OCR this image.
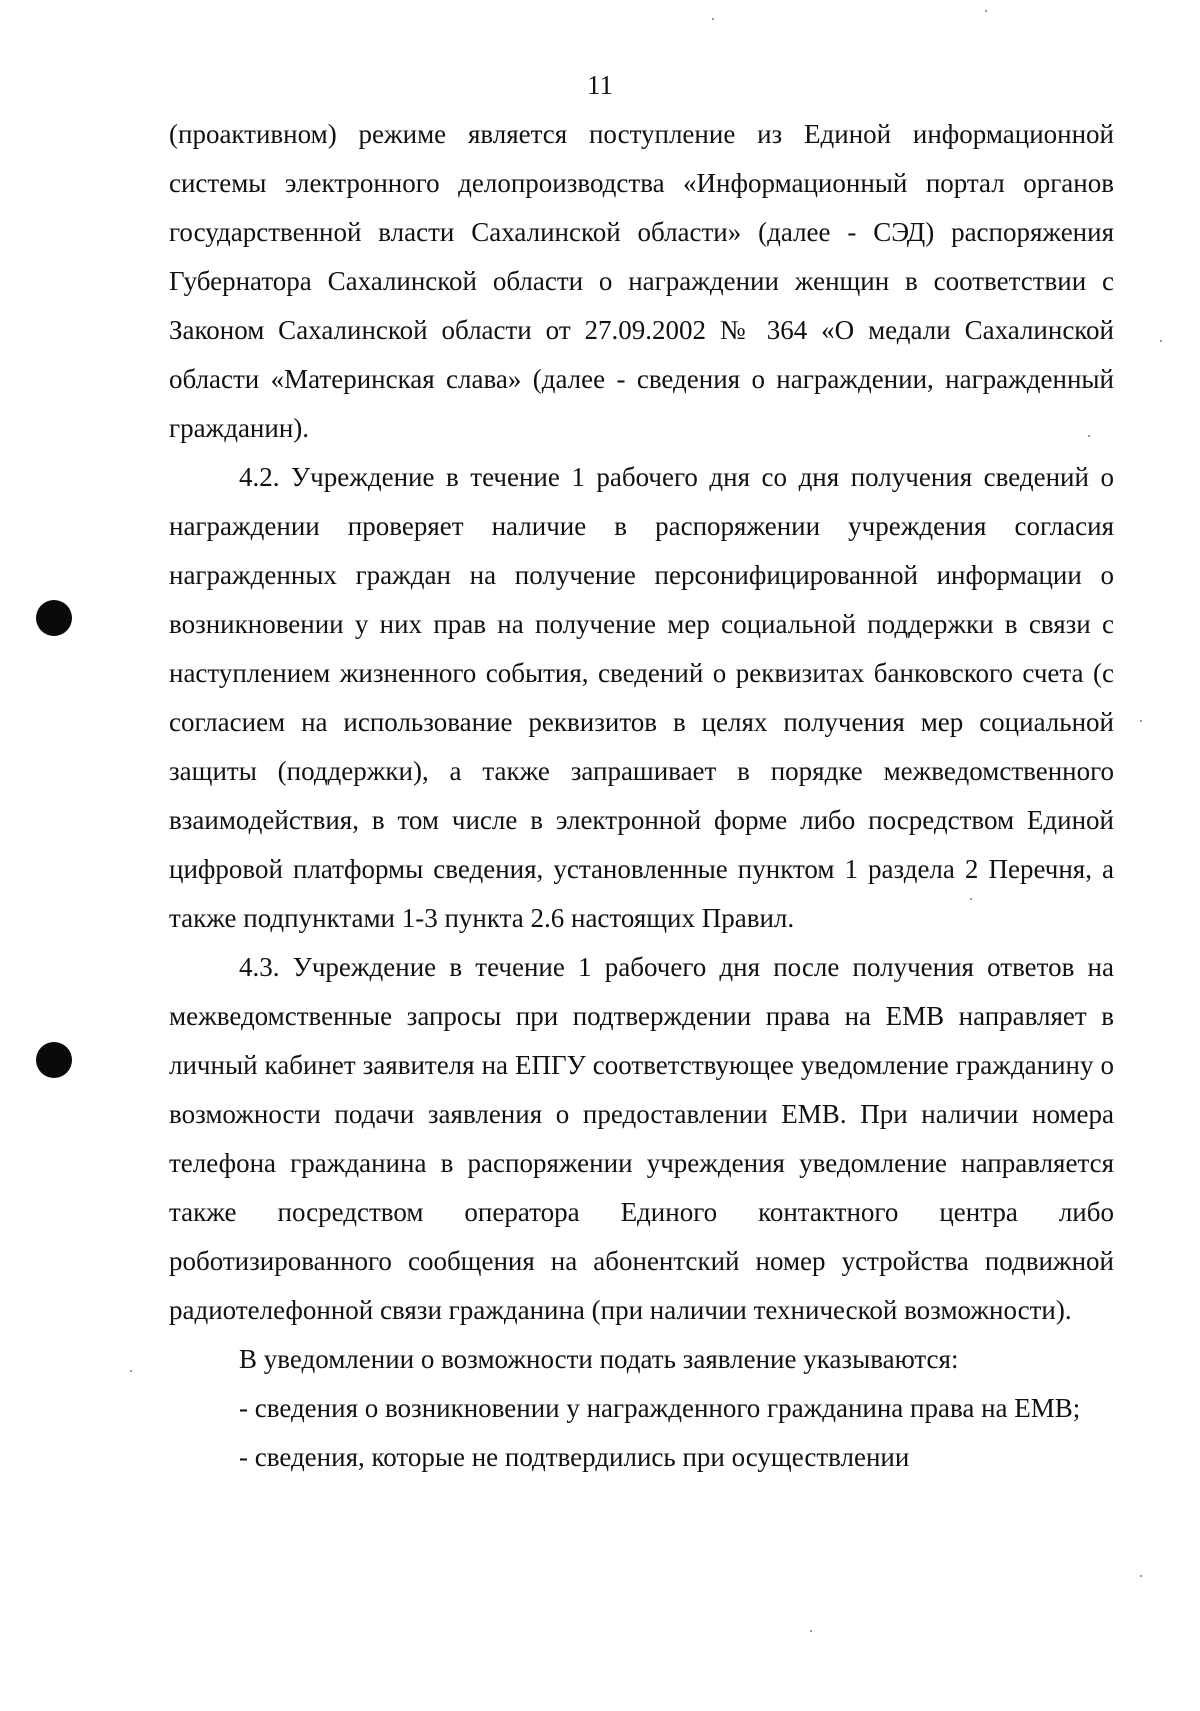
11

(проактивном) режиме является поступление из Единой информационной системы электронного делопроизводства «Информационный портал органов государственной власти Сахалинской области» (далее - СЭД) распоряжения Губернатора Сахалинской области о награждении женщин в соответствии с Законом Сахалинской области от 27.09.2002 № 364 «О медали Сахалинской области «Материнская слава» (далее - сведения о награждении, награжденный гражданин).

4.2. Учреждение в течение 1 рабочего дня со дня получения сведений о награждении проверяет наличие в распоряжении учреждения согласия награжденных граждан на получение персонифицированной информации о возникновении у них прав на получение мер социальной поддержки в связи с наступлением жизненного события, сведений о реквизитах банковского счета (с согласием на использование реквизитов в целях получения мер социальной защиты (поддержки), а также запрашивает в порядке межведомственного взаимодействия, в том числе в электронной форме либо посредством Единой цифровой платформы сведения, установленные пунктом 1 раздела 2 Перечня, а также подпунктами 1-3 пункта 2.6 настоящих Правил.

4.3. Учреждение в течение 1 рабочего дня после получения ответов на межведомственные запросы при подтверждении права на ЕМВ направляет в личный кабинет заявителя на ЕПГУ соответствующее уведомление гражданину о возможности подачи заявления о предоставлении ЕМВ. При наличии номера телефона гражданина в распоряжении учреждения уведомление направляется также посредством оператора Единого контактного центра либо роботизированного сообщения на абонентский номер устройства подвижной радиотелефонной связи гражданина (при наличии технической возможности).

В уведомлении о возможности подать заявление указываются:

- сведения о возникновении у награжденного гражданина права на ЕМВ;

- сведения, которые не подтвердились при осуществлении
